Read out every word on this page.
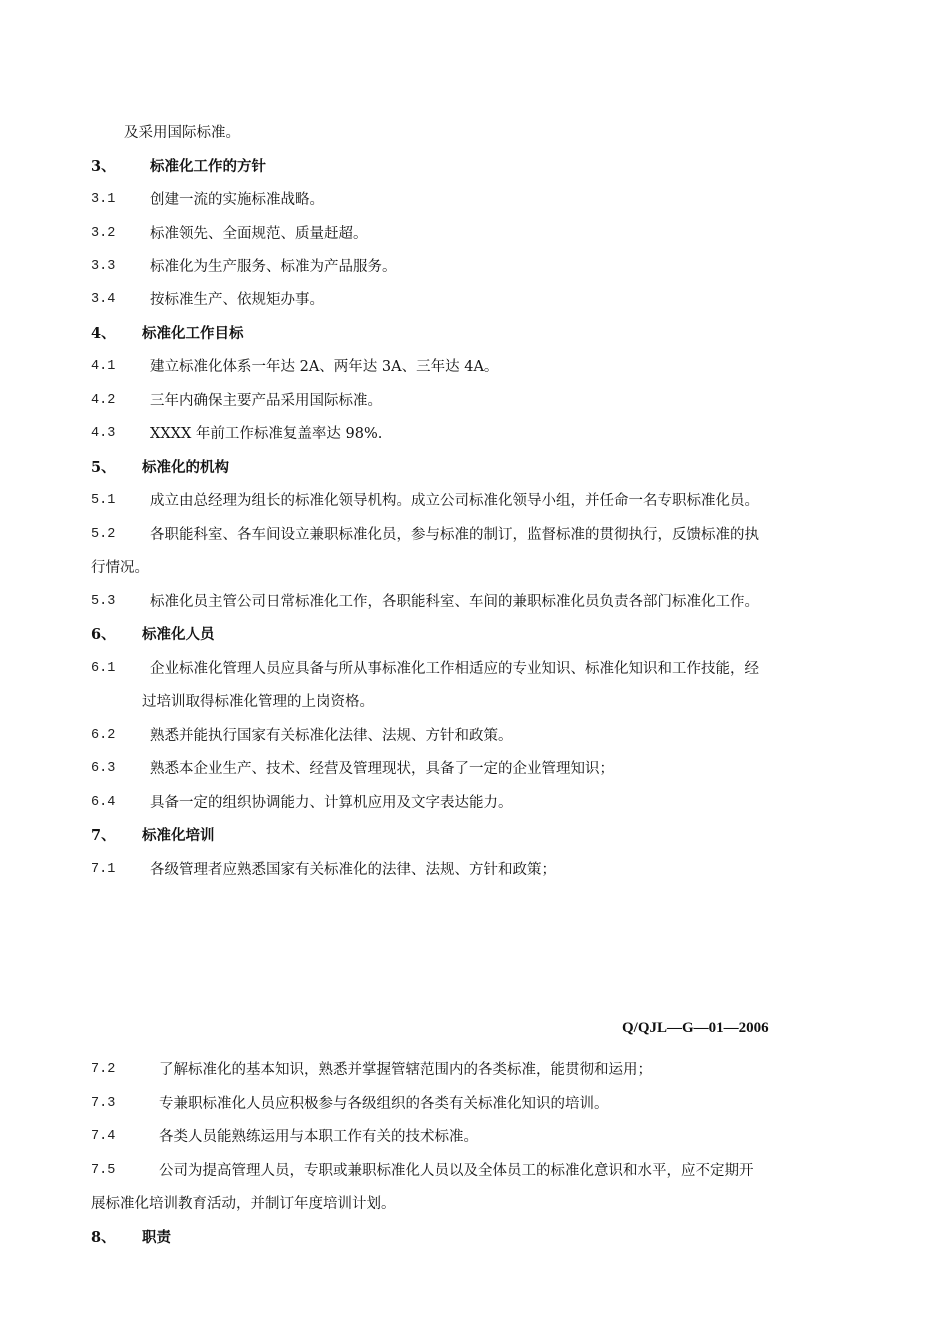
及采用国际标准。
3、 标准化工作的方针
3.1 创建一流的实施标准战略。
3.2 标准领先、全面规范、质量赶超。
3.3 标准化为生产服务、标准为产品服务。
3.4 按标准生产、依规矩办事。
4、 标准化工作目标
4.1 建立标准化体系一年达 2A、两年达 3A、三年达 4A。
4.2 三年内确保主要产品采用国际标准。
4.3 XXXX 年前工作标准复盖率达 98%.
5、 标准化的机构
5.1 成立由总经理为组长的标准化领导机构。成立公司标准化领导小组，并任命一名专职标准化员。
5.2 各职能科室、各车间设立兼职标准化员，参与标准的制订，监督标准的贯彻执行，反馈标准的执
行情况。
5.3 标准化员主管公司日常标准化工作，各职能科室、车间的兼职标准化员负责各部门标准化工作。
6、 标准化人员
6.1 企业标准化管理人员应具备与所从事标准化工作相适应的专业知识、标准化知识和工作技能，经
过培训取得标准化管理的上岗资格。
6.2 熟悉并能执行国家有关标准化法律、法规、方针和政策。
6.3 熟悉本企业生产、技术、经营及管理现状，具备了一定的企业管理知识；
6.4 具备一定的组织协调能力、计算机应用及文字表达能力。
7、 标准化培训
7.1 各级管理者应熟悉国家有关标准化的法律、法规、方针和政策；
Q/QJL—G—01—2006
7.2	了解标准化的基本知识，熟悉并掌握管辖范围内的各类标准，能贯彻和运用；
7.3	专兼职标准化人员应积极参与各级组织的各类有关标准化知识的培训。
7.4	各类人员能熟练运用与本职工作有关的技术标准。
7.5	公司为提高管理人员，专职或兼职标准化人员以及全体员工的标准化意识和水平，应不定期开
展标准化培训教育活动，并制订年度培训计划。
8、 职责
